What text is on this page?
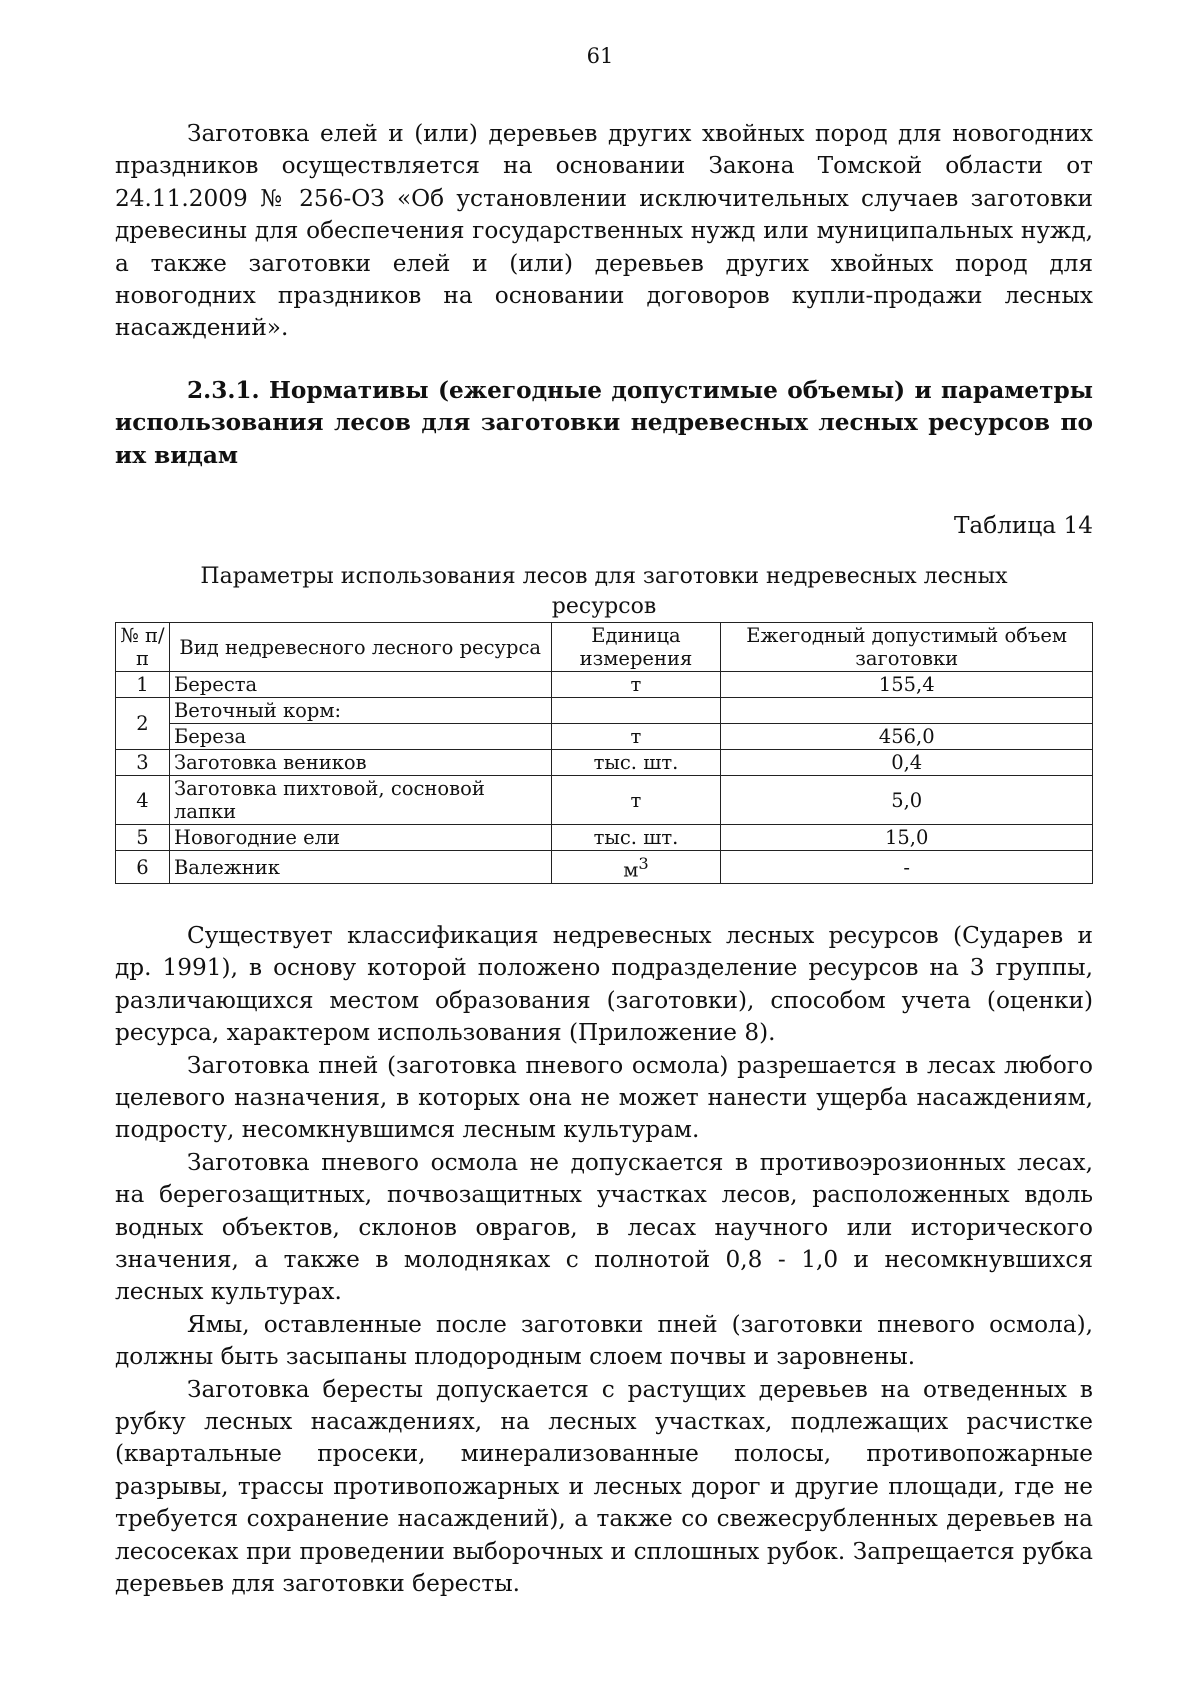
61

Заготовка елей и (или) деревьев других хвойных пород для новогодних праздников осуществляется на основании Закона Томской области от 24.11.2009 № 256-ОЗ «Об установлении исключительных случаев заготовки древесины для обеспечения государственных нужд или муниципальных нужд, а также заготовки елей и (или) деревьев других хвойных пород для новогодних праздников на основании договоров купли-продажи лесных насаждений».

2.3.1. Нормативы (ежегодные допустимые объемы) и параметры использования лесов для заготовки недревесных лесных ресурсов по их видам
Таблица 14
Параметры использования лесов для заготовки недревесных лесных ресурсов
№ п/п	Вид недревесного лесного ресурса	Единица измерения	Ежегодный допустимый объем заготовки
1	Береста	т	155,4
2	Веточный корм:		
	Береза	т	456,0
3	Заготовка веников	тыс. шт.	0,4
4	Заготовка пихтовой, сосновой лапки	т	5,0
5	Новогодние ели	тыс. шт.	15,0
6	Валежник	$м^3$	-

Существует классификация недревесных лесных ресурсов (Сударев и др. 1991), в основу которой положено подразделение ресурсов на 3 группы, различающихся местом образования (заготовки), способом учета (оценки) ресурса, характером использования (Приложение 8).

Заготовка пней (заготовка пневого осмола) разрешается в лесах любого целевого назначения, в которых она не может нанести ущерба насаждениям, подросту, несомкнувшимся лесным культурам.

Заготовка пневого осмола не допускается в противоэрозионных лесах, на берегозащитных, почвозащитных участках лесов, расположенных вдоль водных объектов, склонов оврагов, в лесах научного или исторического значения, а также в молодняках с полнотой 0,8 - 1,0 и несомкнувшихся лесных культурах.

Ямы, оставленные после заготовки пней (заготовки пневого осмола), должны быть засыпаны плодородным слоем почвы и заровнены.

Заготовка бересты допускается с растущих деревьев на отведенных в рубку лесных насаждениях, на лесных участках, подлежащих расчистке (квартальные просеки, минерализованные полосы, противопожарные разрывы, трассы противопожарных и лесных дорог и другие площади, где не требуется сохранение насаждений), а также со свежесрубленных деревьев на лесосеках при проведении выборочных и сплошных рубок. Запрещается рубка деревьев для заготовки бересты.
